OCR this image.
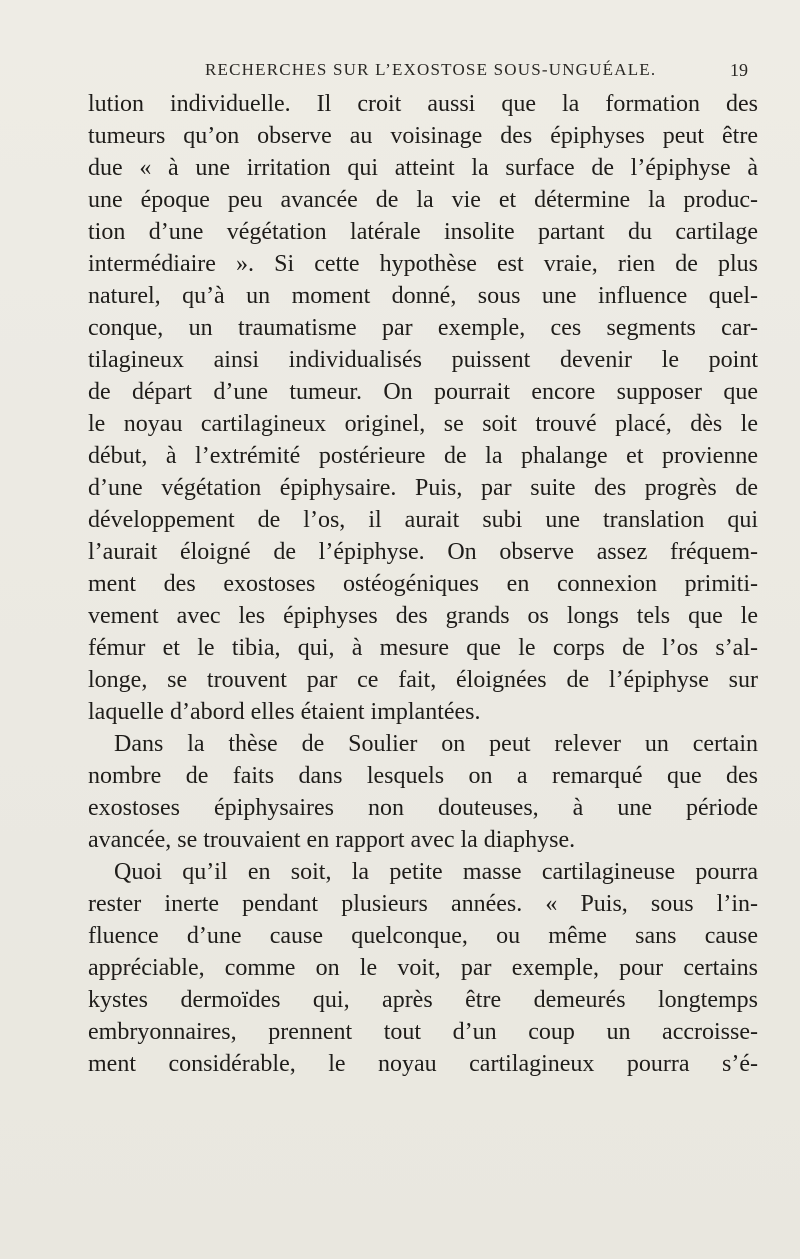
RECHERCHES SUR L’EXOSTOSE SOUS-UNGUÉALE.	19
lution individuelle. Il croit aussi que la formation des
tumeurs qu’on observe au voisinage des épiphyses peut être
due « à une irritation qui atteint la surface de l’épiphyse à
une époque peu avancée de la vie et détermine la produc-
tion d’une végétation latérale insolite partant du cartilage
intermédiaire ». Si cette hypothèse est vraie, rien de plus
naturel, qu’à un moment donné, sous une influence quel-
conque, un traumatisme par exemple, ces segments car-
tilagineux ainsi individualisés puissent devenir le point
de départ d’une tumeur. On pourrait encore supposer que
le noyau cartilagineux originel, se soit trouvé placé, dès le
début, à l’extrémité postérieure de la phalange et provienne
d’une végétation épiphysaire. Puis, par suite des progrès de
développement de l’os, il aurait subi une translation qui
l’aurait éloigné de l’épiphyse. On observe assez fréquem-
ment des exostoses ostéogéniques en connexion primiti-
vement avec les épiphyses des grands os longs tels que le
fémur et le tibia, qui, à mesure que le corps de l’os s’al-
longe, se trouvent par ce fait, éloignées de l’épiphyse sur
laquelle d’abord elles étaient implantées.
Dans la thèse de Soulier on peut relever un certain
nombre de faits dans lesquels on a remarqué que des
exostoses épiphysaires non douteuses, à une période
avancée, se trouvaient en rapport avec la diaphyse.
Quoi qu’il en soit, la petite masse cartilagineuse pourra
rester inerte pendant plusieurs années. « Puis, sous l’in-
fluence d’une cause quelconque, ou même sans cause
appréciable, comme on le voit, par exemple, pour certains
kystes dermoïdes qui, après être demeurés longtemps
embryonnaires, prennent tout d’un coup un accroisse-
ment considérable, le noyau cartilagineux pourra s’é-
